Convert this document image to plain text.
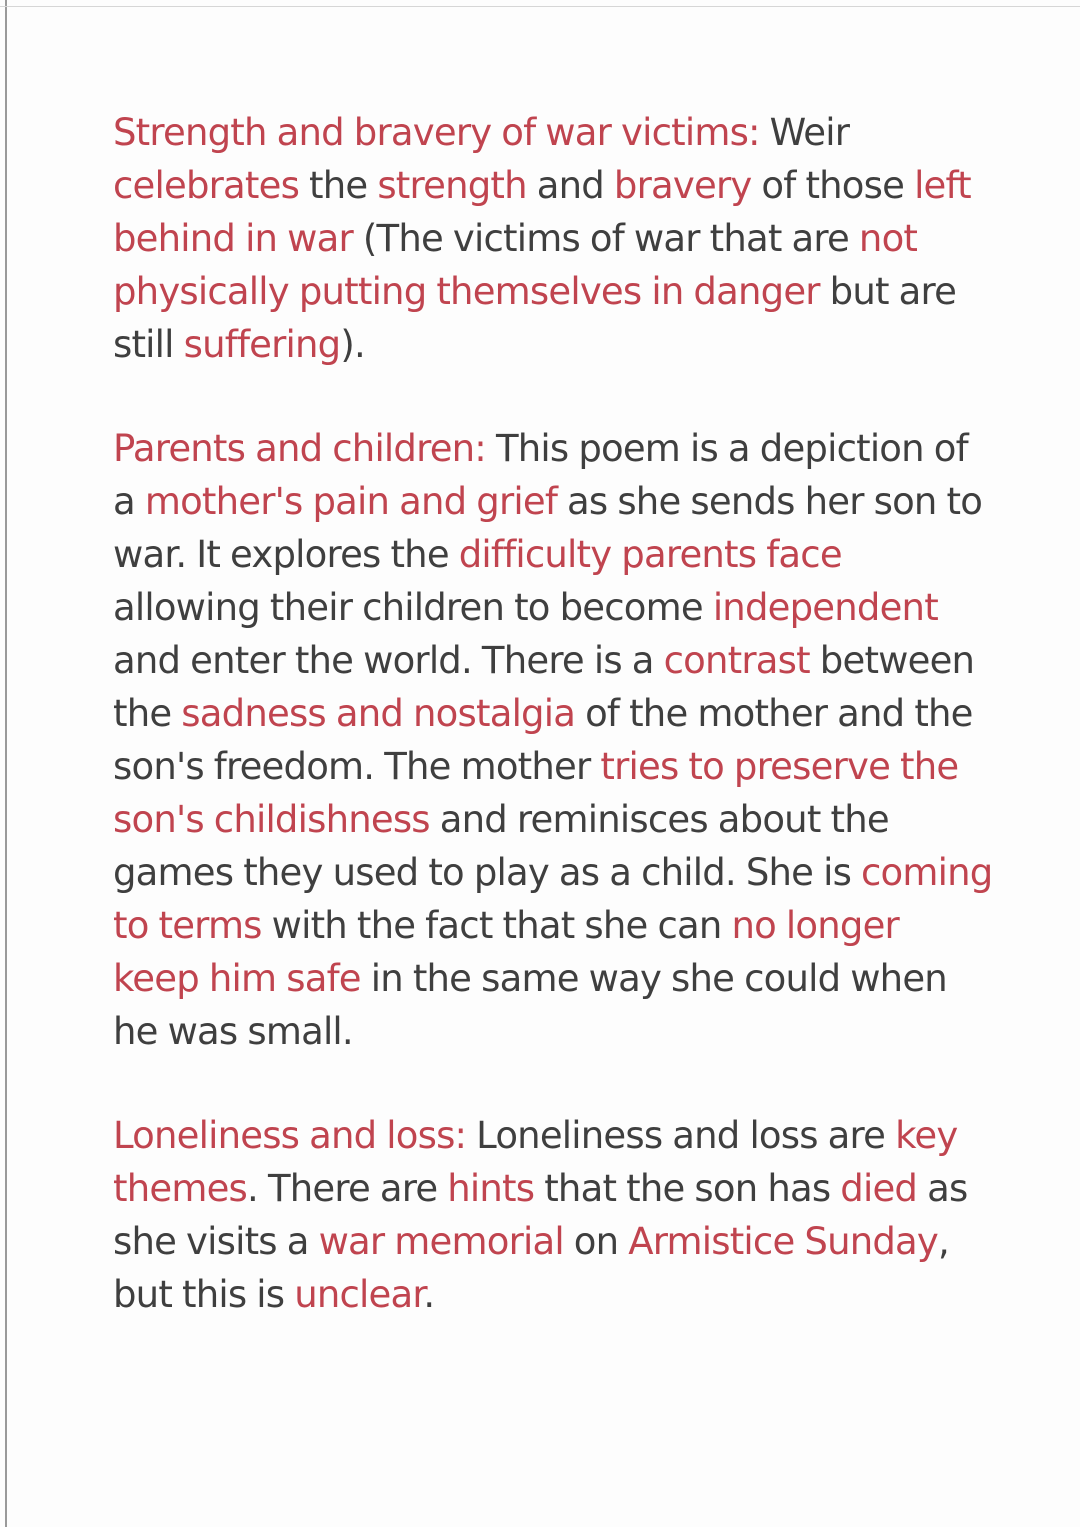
Strength and bravery of war victims: Weir celebrates the strength and bravery of those left behind in war (The victims of war that are not physically putting themselves in danger but are still suffering).

Parents and children: This poem is a depiction of a mother's pain and grief as she sends her son to war. It explores the difficulty parents face allowing their children to become independent and enter the world. There is a contrast between the sadness and nostalgia of the mother and the son's freedom. The mother tries to preserve the son's childishness and reminisces about the games they used to play as a child. She is coming to terms with the fact that she can no longer keep him safe in the same way she could when he was small.

Loneliness and loss: Loneliness and loss are key themes. There are hints that the son has died as she visits a war memorial on Armistice Sunday, but this is unclear.
